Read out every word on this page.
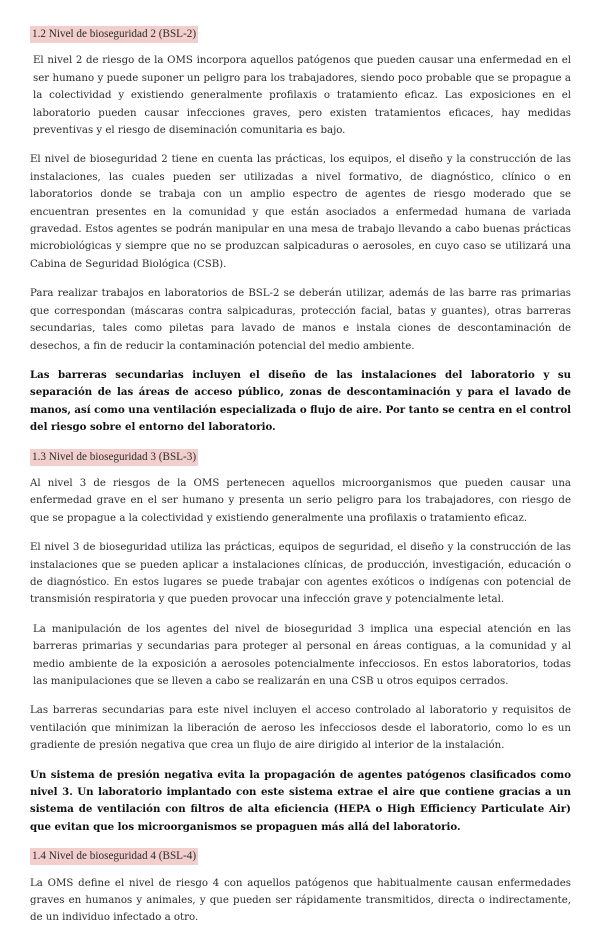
1.2 Nivel de bioseguridad 2 (BSL-2)

El nivel 2 de riesgo de la OMS incorpora aquellos patógenos que pueden causar una enfermedad en el ser humano y puede suponer un peligro para los trabajadores, siendo poco probable que se propague a la colectividad y existiendo generalmente profilaxis o tratamiento eficaz. Las exposiciones en el laboratorio pueden causar infecciones graves, pero existen tratamientos eficaces, hay medidas preventivas y el riesgo de diseminación comunitaria es bajo.

El nivel de bioseguridad 2 tiene en cuenta las prácticas, los equipos, el diseño y la construcción de las instalaciones, las cuales pueden ser utilizadas a nivel formativo, de diagnóstico, clínico o en laboratorios donde se trabaja con un amplio espectro de agentes de riesgo moderado que se encuentran presentes en la comunidad y que están asociados a enfermedad humana de variada gravedad. Estos agentes se podrán manipular en una mesa de trabajo llevando a cabo buenas prácticas microbiológicas y siempre que no se produzcan salpicaduras o aerosoles, en cuyo caso se utilizará una Cabina de Seguridad Biológica (CSB).

Para realizar trabajos en laboratorios de BSL-2 se deberán utilizar, además de las barre ras primarias que correspondan (máscaras contra salpicaduras, protección facial, batas y guantes), otras barreras secundarias, tales como piletas para lavado de manos e instala ciones de descontaminación de desechos, a fin de reducir la contaminación potencial del medio ambiente.

Las barreras secundarias incluyen el diseño de las instalaciones del laboratorio y su separación de las áreas de acceso público, zonas de descontaminación y para el lavado de manos, así como una ventilación especializada o flujo de aire. Por tanto se centra en el control del riesgo sobre el entorno del laboratorio.

1.3 Nivel de bioseguridad 3 (BSL-3)

Al nivel 3 de riesgos de la OMS pertenecen aquellos microorganismos que pueden causar una enfermedad grave en el ser humano y presenta un serio peligro para los trabajadores, con riesgo de que se propague a la colectividad y existiendo generalmente una profilaxis o tratamiento eficaz.

El nivel 3 de bioseguridad utiliza las prácticas, equipos de seguridad, el diseño y la construcción de las instalaciones que se pueden aplicar a instalaciones clínicas, de producción, investigación, educación o de diagnóstico. En estos lugares se puede trabajar con agentes exóticos o indígenas con potencial de transmisión respiratoria y que pueden provocar una infección grave y potencialmente letal.

La manipulación de los agentes del nivel de bioseguridad 3 implica una especial atención en las barreras primarias y secundarias para proteger al personal en áreas contiguas, a la comunidad y al medio ambiente de la exposición a aerosoles potencialmente infecciosos. En estos laboratorios, todas las manipulaciones que se lleven a cabo se realizarán en una CSB u otros equipos cerrados.

Las barreras secundarias para este nivel incluyen el acceso controlado al laboratorio y requisitos de ventilación que minimizan la liberación de aeroso les infecciosos desde el laboratorio, como lo es un gradiente de presión negativa que crea un flujo de aire dirigido al interior de la instalación.

Un sistema de presión negativa evita la propagación de agentes patógenos clasificados como nivel 3. Un laboratorio implantado con este sistema extrae el aire que contiene gracias a un sistema de ventilación con filtros de alta eficiencia (HEPA o High Efficiency Particulate Air) que evitan que los microorganismos se propaguen más allá del laboratorio.

1.4 Nivel de bioseguridad 4 (BSL-4)

La OMS define el nivel de riesgo 4 con aquellos patógenos que habitualmente causan enfermedades graves en humanos y animales, y que pueden ser rápidamente transmitidos, directa o indirectamente, de un individuo infectado a otro.
